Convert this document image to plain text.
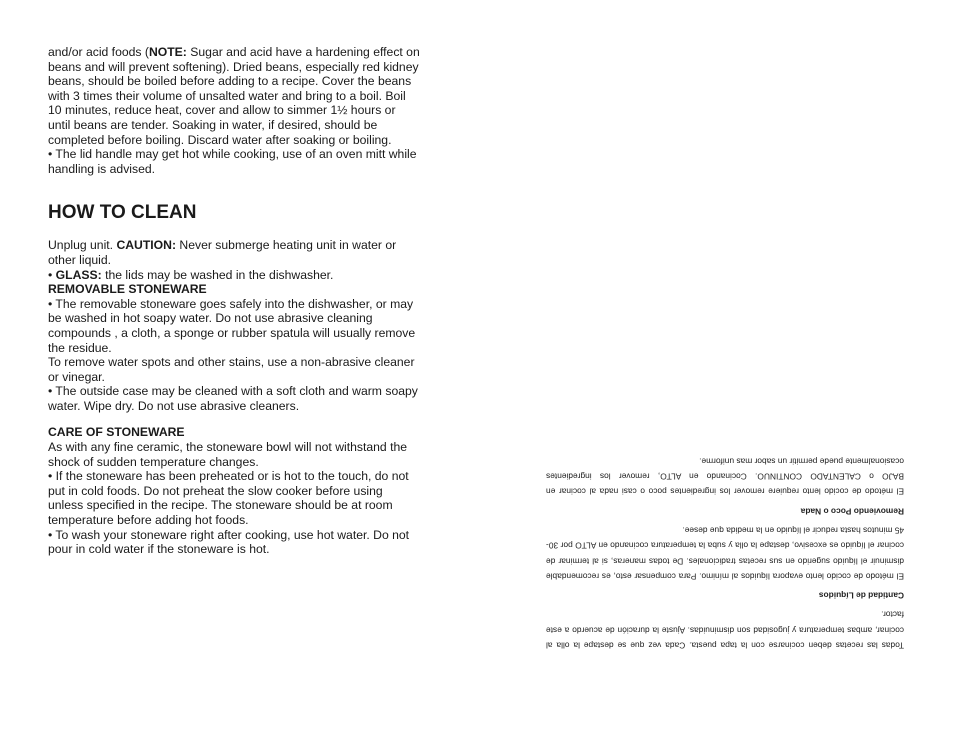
and/or acid foods (NOTE: Sugar and acid have a hardening effect on beans and will prevent softening). Dried beans, especially red kidney beans, should be boiled before adding to a recipe. Cover the beans with 3 times their volume of unsalted water and bring to a boil. Boil 10 minutes, reduce heat, cover and allow to simmer 1½ hours or until beans are tender. Soaking in water, if desired, should be completed before boiling. Discard water after soaking or boiling.

• The lid handle may get hot while cooking, use of an oven mitt while handling is advised.

HOW TO CLEAN

Unplug unit. CAUTION: Never submerge heating unit in water or other liquid.

• GLASS: the lids may be washed in the dishwasher.

REMOVABLE STONEWARE

• The removable stoneware goes safely into the dishwasher, or may be washed in hot soapy water. Do not use abrasive cleaning compounds , a cloth, a sponge or rubber spatula will usually remove the residue.

To remove water spots and other stains, use a non-abrasive cleaner or vinegar.

• The outside case may be cleaned with a soft cloth and warm soapy water. Wipe dry. Do not use abrasive cleaners.

CARE OF STONEWARE

As with any fine ceramic, the stoneware bowl will not withstand the shock of sudden temperature changes.

• If the stoneware has been preheated or is hot to the touch, do not put in cold foods. Do not preheat the slow cooker before using unless specified in the recipe. The stoneware should be at room temperature before adding hot foods.

• To wash your stoneware right after cooking, use hot water. Do not pour in cold water if the stoneware is hot.

Todas las recetas deben cocinarse con la tapa puesta. Cada vez que se destape la olla al cocinar, ambas temperatura y jugosidad son disminuidas. Ajuste la duración de acuerdo a este factor.

Cantidad de Líquidos

El método de cocido lento evapora líquidos al mínimo. Para compensar esto, es recomendable disminuir el líquido sugerido en sus recetas tradicionales. De todas maneras, si al terminar de cocinar el líquido es excesivo, destape la olla y suba la temperatura cocinando en ALTO por 30-45 minutos hasta reducir el líquido en la medida que desee.

Removiendo Poco o Nada

El método de cocido lento requiere remover los ingredientes poco o casi nada al cocinar en BAJO o CALENTADO CONTINUO. Cocinando en ALTO, remover los ingredientes ocasionalmente puede permitir un sabor mas uniforme.
